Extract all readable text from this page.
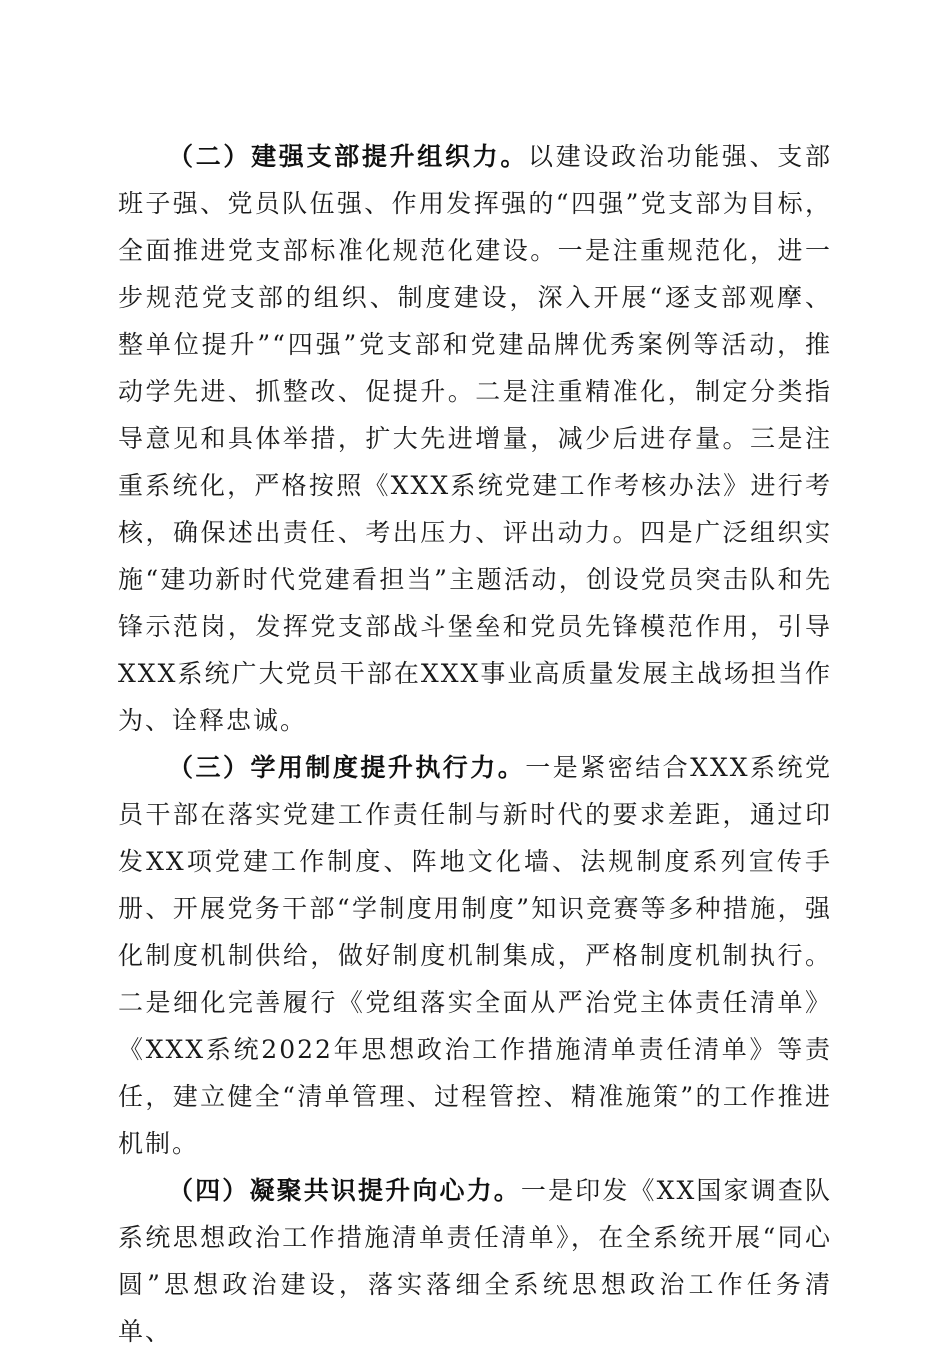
（二）建强支部提升组织力。以建设政治功能强、支部班子强、党员队伍强、作用发挥强的“四强”党支部为目标，全面推进党支部标准化规范化建设。一是注重规范化，进一步规范党支部的组织、制度建设，深入开展“逐支部观摩、整单位提升”“四强”党支部和党建品牌优秀案例等活动，推动学先进、抓整改、促提升。二是注重精准化，制定分类指导意见和具体举措，扩大先进增量，减少后进存量。三是注重系统化，严格按照《XXX系统党建工作考核办法》进行考核，确保述出责任、考出压力、评出动力。四是广泛组织实施“建功新时代党建看担当”主题活动，创设党员突击队和先锋示范岗，发挥党支部战斗堡垒和党员先锋模范作用，引导XXX系统广大党员干部在XXX事业高质量发展主战场担当作为、诠释忠诚。

（三）学用制度提升执行力。一是紧密结合XXX系统党员干部在落实党建工作责任制与新时代的要求差距，通过印发XX项党建工作制度、阵地文化墙、法规制度系列宣传手册、开展党务干部“学制度用制度”知识竞赛等多种措施，强化制度机制供给，做好制度机制集成，严格制度机制执行。二是细化完善履行《党组落实全面从严治党主体责任清单》《XXX系统2022年思想政治工作措施清单责任清单》等责任，建立健全“清单管理、过程管控、精准施策”的工作推进机制。

（四）凝聚共识提升向心力。一是印发《XX国家调查队系统思想政治工作措施清单责任清单》，在全系统开展“同心圆”思想政治建设，落实落细全系统思想政治工作任务清单、
